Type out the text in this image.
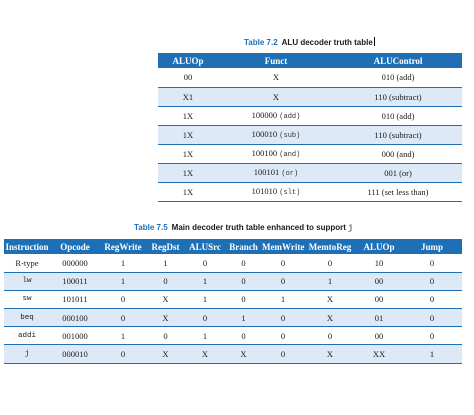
Table 7.2 ALU decoder truth table
ALUOp	Funct	ALUControl
00	X	010 (add)
X1	X	110 (subtract)
1X	100000 (add)	010 (add)
1X	100010 (sub)	110 (subtract)
1X	100100 (and)	000 (and)
1X	100101 (or)	001 (or)
1X	101010 (slt)	111 (set less than)
Table 7.5 Main decoder truth table enhanced to support j
Instruction	Opcode	RegWrite	RegDst	ALUSrc	Branch	MemWrite	MemtoReg	ALUOp	Jump
R-type	000000	1	1	0	0	0	0	10	0
lw	100011	1	0	1	0	0	1	00	0
sw	101011	0	X	1	0	1	X	00	0
beq	000100	0	X	0	1	0	X	01	0
addi	001000	1	0	1	0	0	0	00	0
j	000010	0	X	X	X	0	X	XX	1
